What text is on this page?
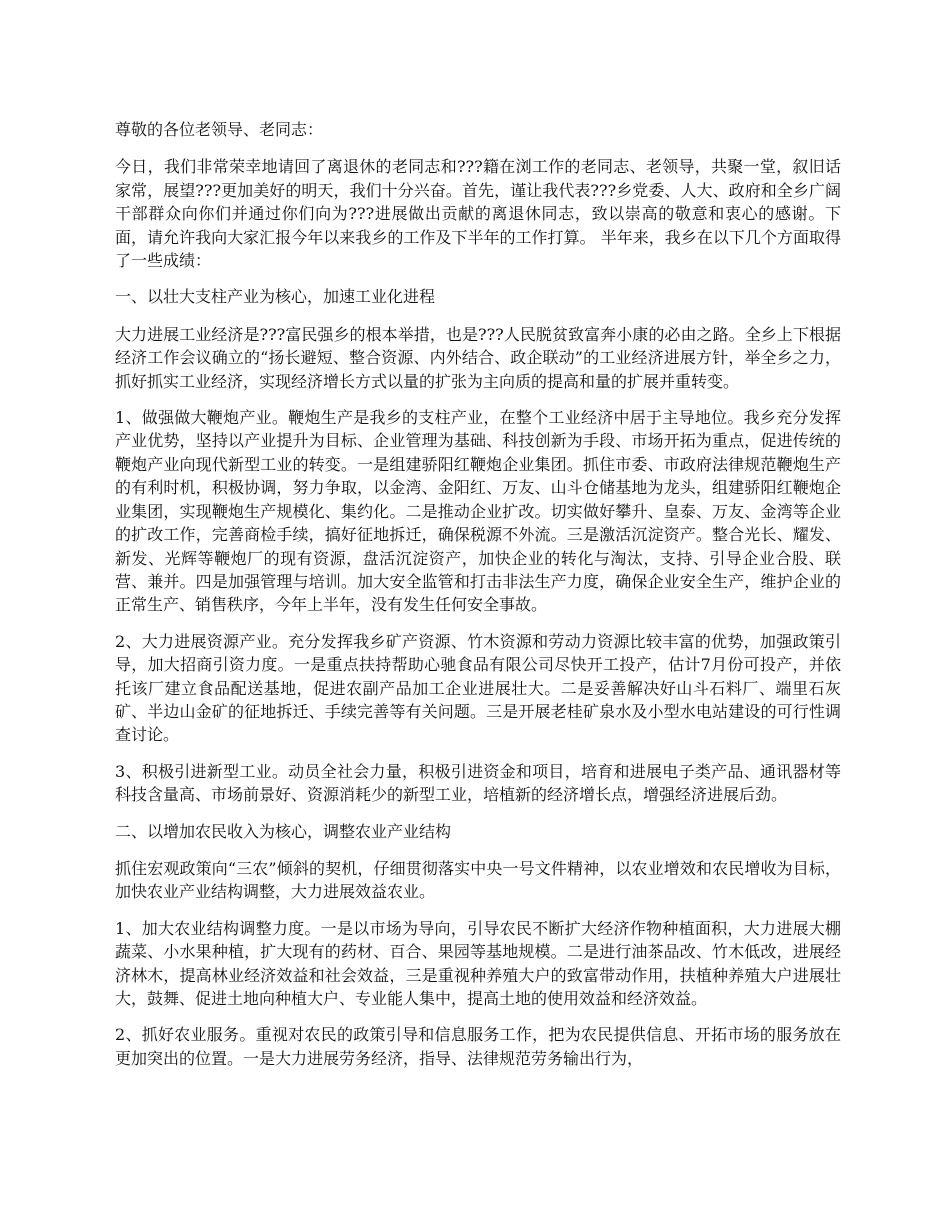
尊敬的各位老领导、老同志：

今日，我们非常荣幸地请回了离退休的老同志和???籍在浏工作的老同志、老领导，共聚一堂，叙旧话家常，展望???更加美好的明天，我们十分兴奋。首先，谨让我代表???乡党委、人大、政府和全乡广阔干部群众向你们并通过你们向为???进展做出贡献的离退休同志，致以崇高的敬意和衷心的感谢。下面，请允许我向大家汇报今年以来我乡的工作及下半年的工作打算。 半年来，我乡在以下几个方面取得了一些成绩：

一、以壮大支柱产业为核心，加速工业化进程

大力进展工业经济是???富民强乡的根本举措，也是???人民脱贫致富奔小康的必由之路。全乡上下根据经济工作会议确立的“扬长避短、整合资源、内外结合、政企联动”的工业经济进展方针，举全乡之力，抓好抓实工业经济，实现经济增长方式以量的扩张为主向质的提高和量的扩展并重转变。

1、做强做大鞭炮产业。鞭炮生产是我乡的支柱产业，在整个工业经济中居于主导地位。我乡充分发挥产业优势，坚持以产业提升为目标、企业管理为基础、科技创新为手段、市场开拓为重点，促进传统的鞭炮产业向现代新型工业的转变。一是组建骄阳红鞭炮企业集团。抓住市委、市政府法律规范鞭炮生产的有利时机，积极协调，努力争取，以金湾、金阳红、万友、山斗仓储基地为龙头，组建骄阳红鞭炮企业集团，实现鞭炮生产规模化、集约化。二是推动企业扩改。切实做好攀升、皇泰、万友、金湾等企业的扩改工作，完善商检手续，搞好征地拆迁，确保税源不外流。三是激活沉淀资产。整合光长、耀发、新发、光辉等鞭炮厂的现有资源，盘活沉淀资产，加快企业的转化与淘汰，支持、引导企业合股、联营、兼并。四是加强管理与培训。加大安全监管和打击非法生产力度，确保企业安全生产，维护企业的正常生产、销售秩序，今年上半年，没有发生任何安全事故。

2、大力进展资源产业。充分发挥我乡矿产资源、竹木资源和劳动力资源比较丰富的优势，加强政策引导，加大招商引资力度。一是重点扶持帮助心驰食品有限公司尽快开工投产，估计7月份可投产，并依托该厂建立食品配送基地，促进农副产品加工企业进展壮大。二是妥善解决好山斗石料厂、端里石灰矿、半边山金矿的征地拆迁、手续完善等有关问题。三是开展老桂矿泉水及小型水电站建设的可行性调查讨论。

3、积极引进新型工业。动员全社会力量，积极引进资金和项目，培育和进展电子类产品、通讯器材等科技含量高、市场前景好、资源消耗少的新型工业，培植新的经济增长点，增强经济进展后劲。

二、以增加农民收入为核心，调整农业产业结构

抓住宏观政策向“三农”倾斜的契机，仔细贯彻落实中央一号文件精神，以农业增效和农民增收为目标，加快农业产业结构调整，大力进展效益农业。

1、加大农业结构调整力度。一是以市场为导向，引导农民不断扩大经济作物种植面积，大力进展大棚蔬菜、小水果种植，扩大现有的药材、百合、果园等基地规模。二是进行油茶品改、竹木低改，进展经济林木，提高林业经济效益和社会效益，三是重视种养殖大户的致富带动作用，扶植种养殖大户进展壮大，鼓舞、促进土地向种植大户、专业能人集中，提高土地的使用效益和经济效益。

2、抓好农业服务。重视对农民的政策引导和信息服务工作，把为农民提供信息、开拓市场的服务放在更加突出的位置。一是大力进展劳务经济，指导、法律规范劳务输出行为，
